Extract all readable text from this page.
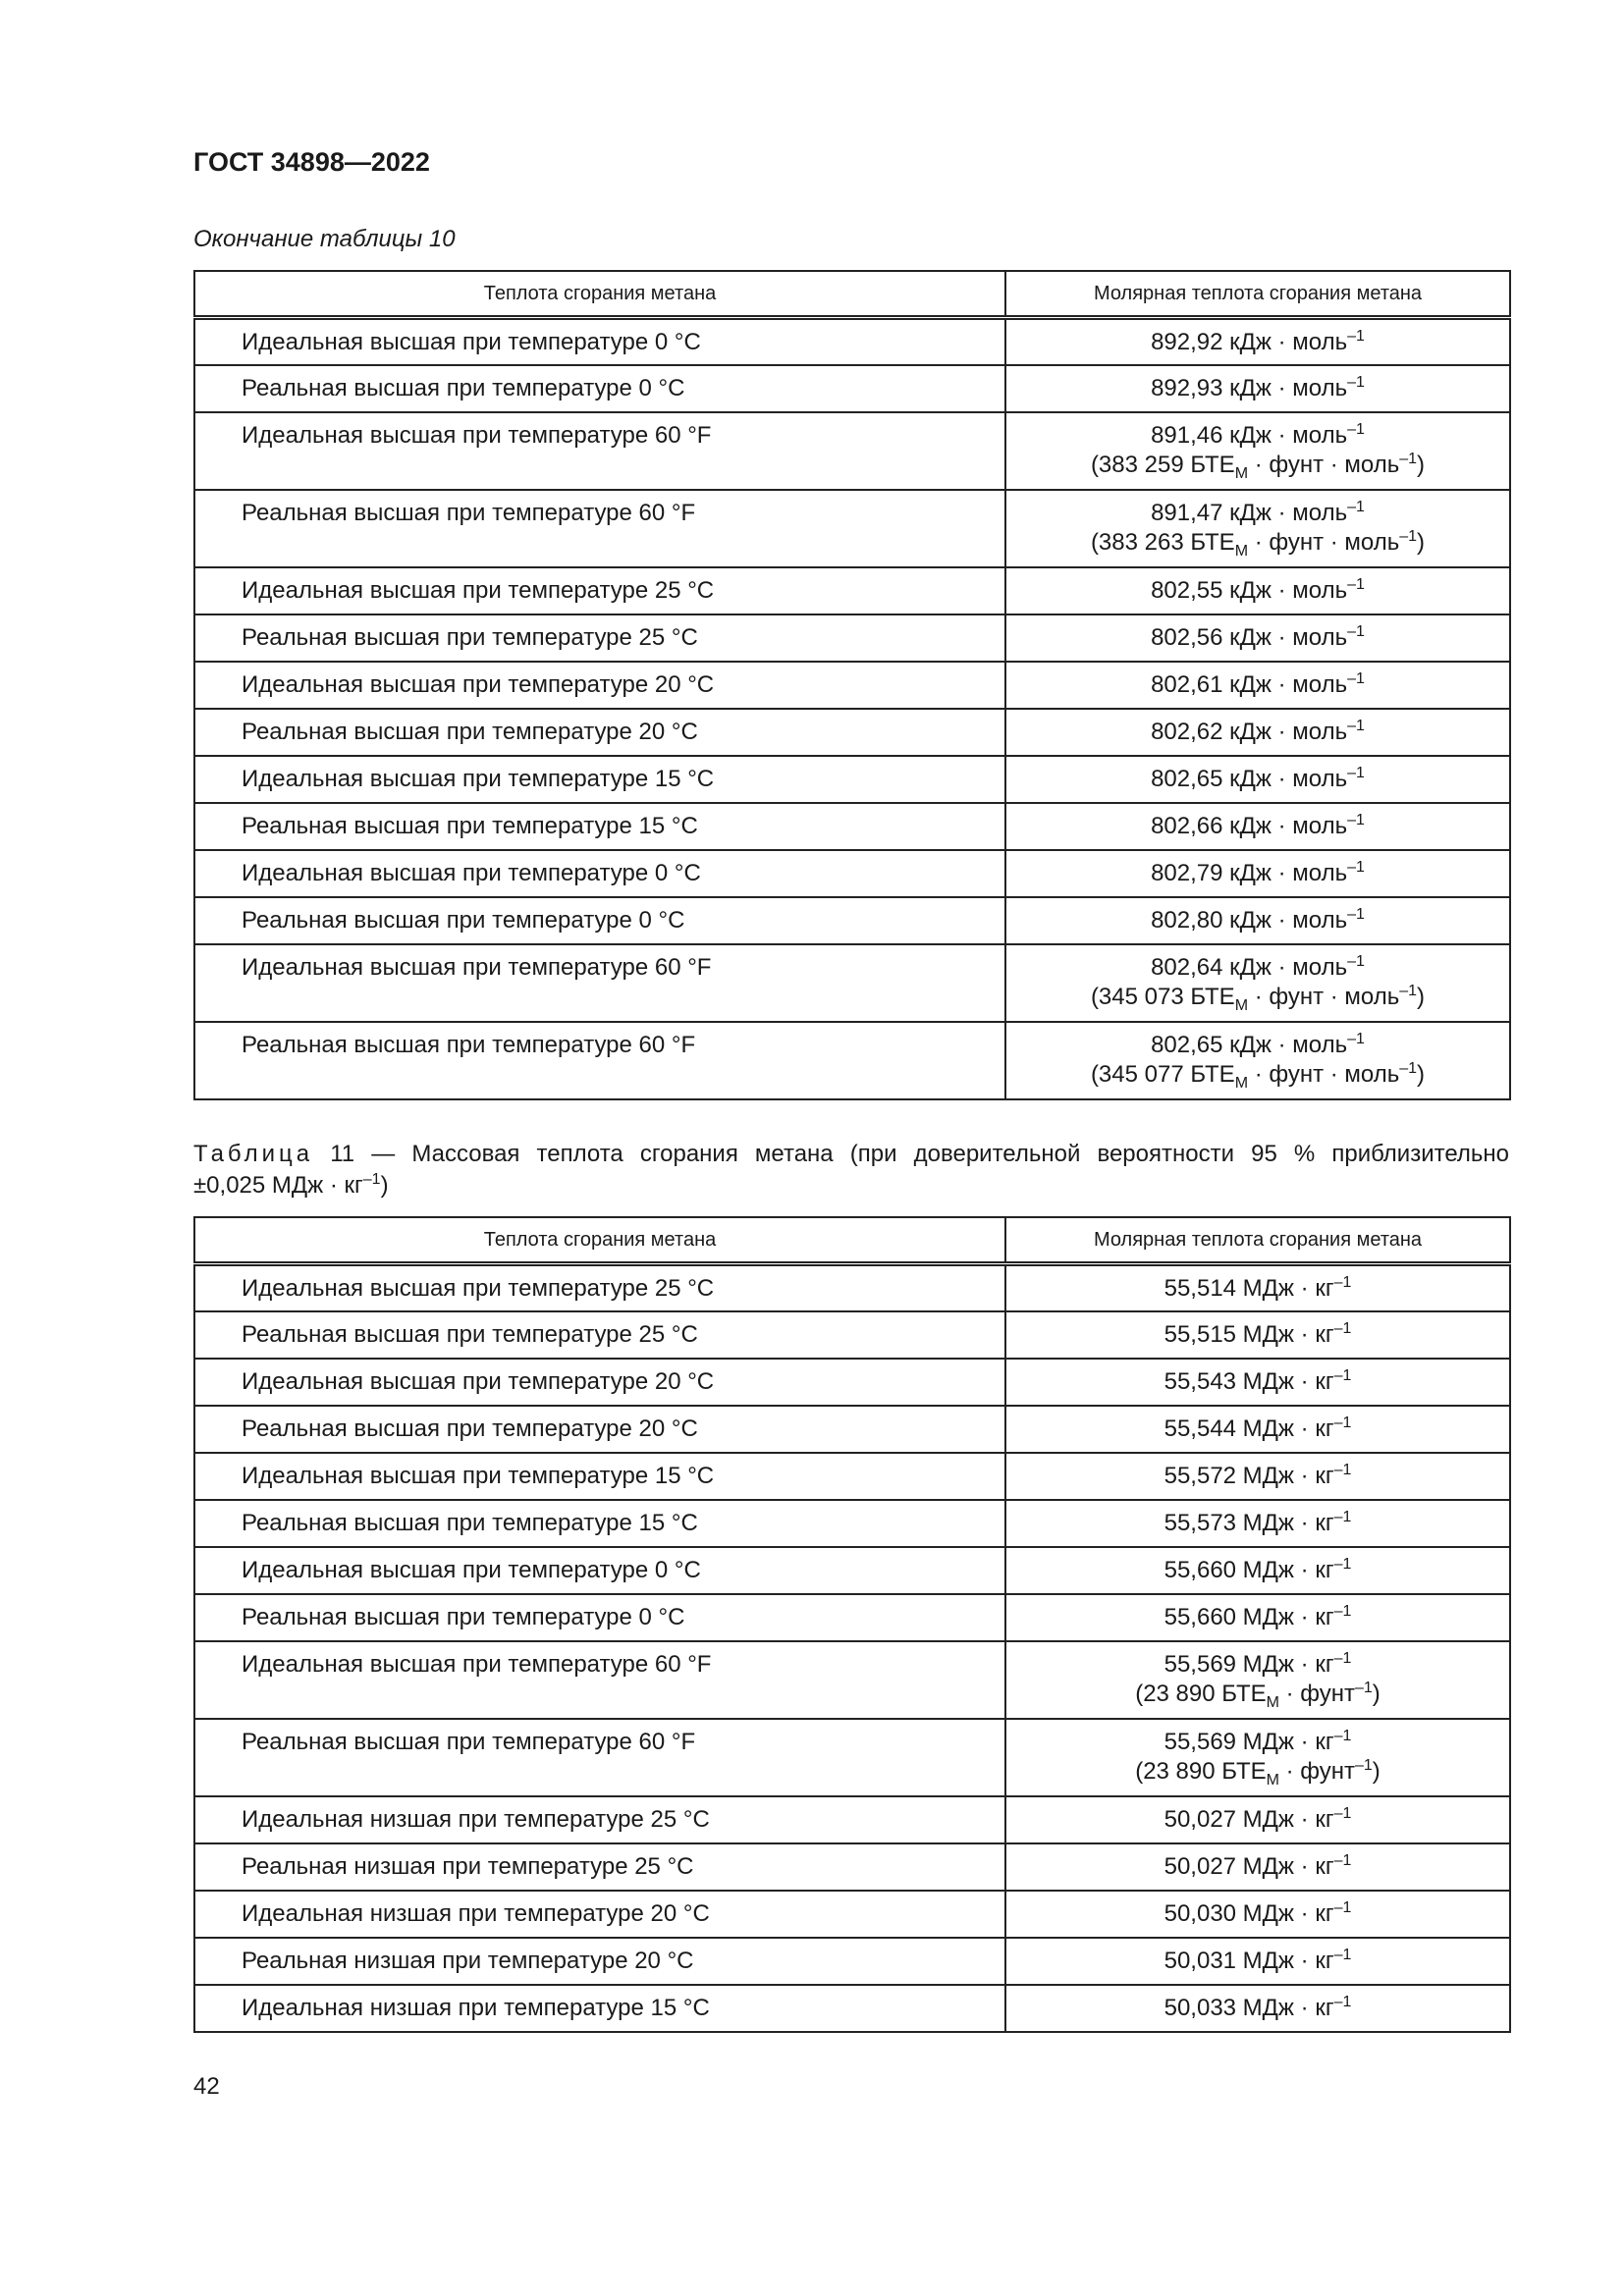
ГОСТ 34898—2022
Окончание таблицы 10
Теплота сгорания метана	Молярная теплота сгорания метана
Идеальная высшая при температуре 0 °С	892,92 кДж · моль$^{-1}$

Реальная высшая при температуре 0 °С	892,93 кДж · моль$^{-1}$

Идеальная высшая при температуре 60 °F	891,46 кДж · моль$^{-1}$
(383 259 $БТЕ_М$ · фунт · моль$^{-1}$)

Реальная высшая при температуре 60 °F	891,47 кДж · моль$^{-1}$
(383 263 $БТЕ_М$ · фунт · моль$^{-1}$)

Идеальная высшая при температуре 25 °С	802,55 кДж · моль$^{-1}$

Реальная высшая при температуре 25 °С	802,56 кДж · моль$^{-1}$

Идеальная высшая при температуре 20 °С	802,61 кДж · моль$^{-1}$

Реальная высшая при температуре 20 °С	802,62 кДж · моль$^{-1}$

Идеальная высшая при температуре 15 °С	802,65 кДж · моль$^{-1}$

Реальная высшая при температуре 15 °С	802,66 кДж · моль$^{-1}$

Идеальная высшая при температуре 0 °С	802,79 кДж · моль$^{-1}$

Реальная высшая при температуре 0 °С	802,80 кДж · моль$^{-1}$

Идеальная высшая при температуре 60 °F	802,64 кДж · моль$^{-1}$
(345 073 $БТЕ_М$ · фунт · моль$^{-1}$)

Реальная высшая при температуре 60 °F	802,65 кДж · моль$^{-1}$
(345 077 $БТЕ_М$ · фунт · моль$^{-1}$)
Таблица 11 — Массовая теплота сгорания метана (при доверительной вероятности 95 % приблизительно
±0,025 МДж · $кг^{-1}$)
Теплота сгорания метана	Молярная теплота сгорания метана
Идеальная высшая при температуре 25 °С	55,514 МДж · $кг^{-1}$

Реальная высшая при температуре 25 °С	55,515 МДж · $кг^{-1}$

Идеальная высшая при температуре 20 °С	55,543 МДж · $кг^{-1}$

Реальная высшая при температуре 20 °С	55,544 МДж · $кг^{-1}$

Идеальная высшая при температуре 15 °С	55,572 МДж · $кг^{-1}$

Реальная высшая при температуре 15 °С	55,573 МДж · $кг^{-1}$

Идеальная высшая при температуре 0 °С	55,660 МДж · $кг^{-1}$

Реальная высшая при температуре 0 °С	55,660 МДж · $кг^{-1}$

Идеальная высшая при температуре 60 °F	55,569 МДж · $кг^{-1}$
(23 890 $БТЕ_М$ · фунт$^{-1}$)

Реальная высшая при температуре 60 °F	55,569 МДж · $кг^{-1}$
(23 890 $БТЕ_М$ · фунт$^{-1}$)

Идеальная низшая при температуре 25 °С	50,027 МДж · $кг^{-1}$

Реальная низшая при температуре 25 °С	50,027 МДж · $кг^{-1}$

Идеальная низшая при температуре 20 °С	50,030 МДж · $кг^{-1}$

Реальная низшая при температуре 20 °С	50,031 МДж · $кг^{-1}$

Идеальная низшая при температуре 15 °С	50,033 МДж · $кг^{-1}$
42
